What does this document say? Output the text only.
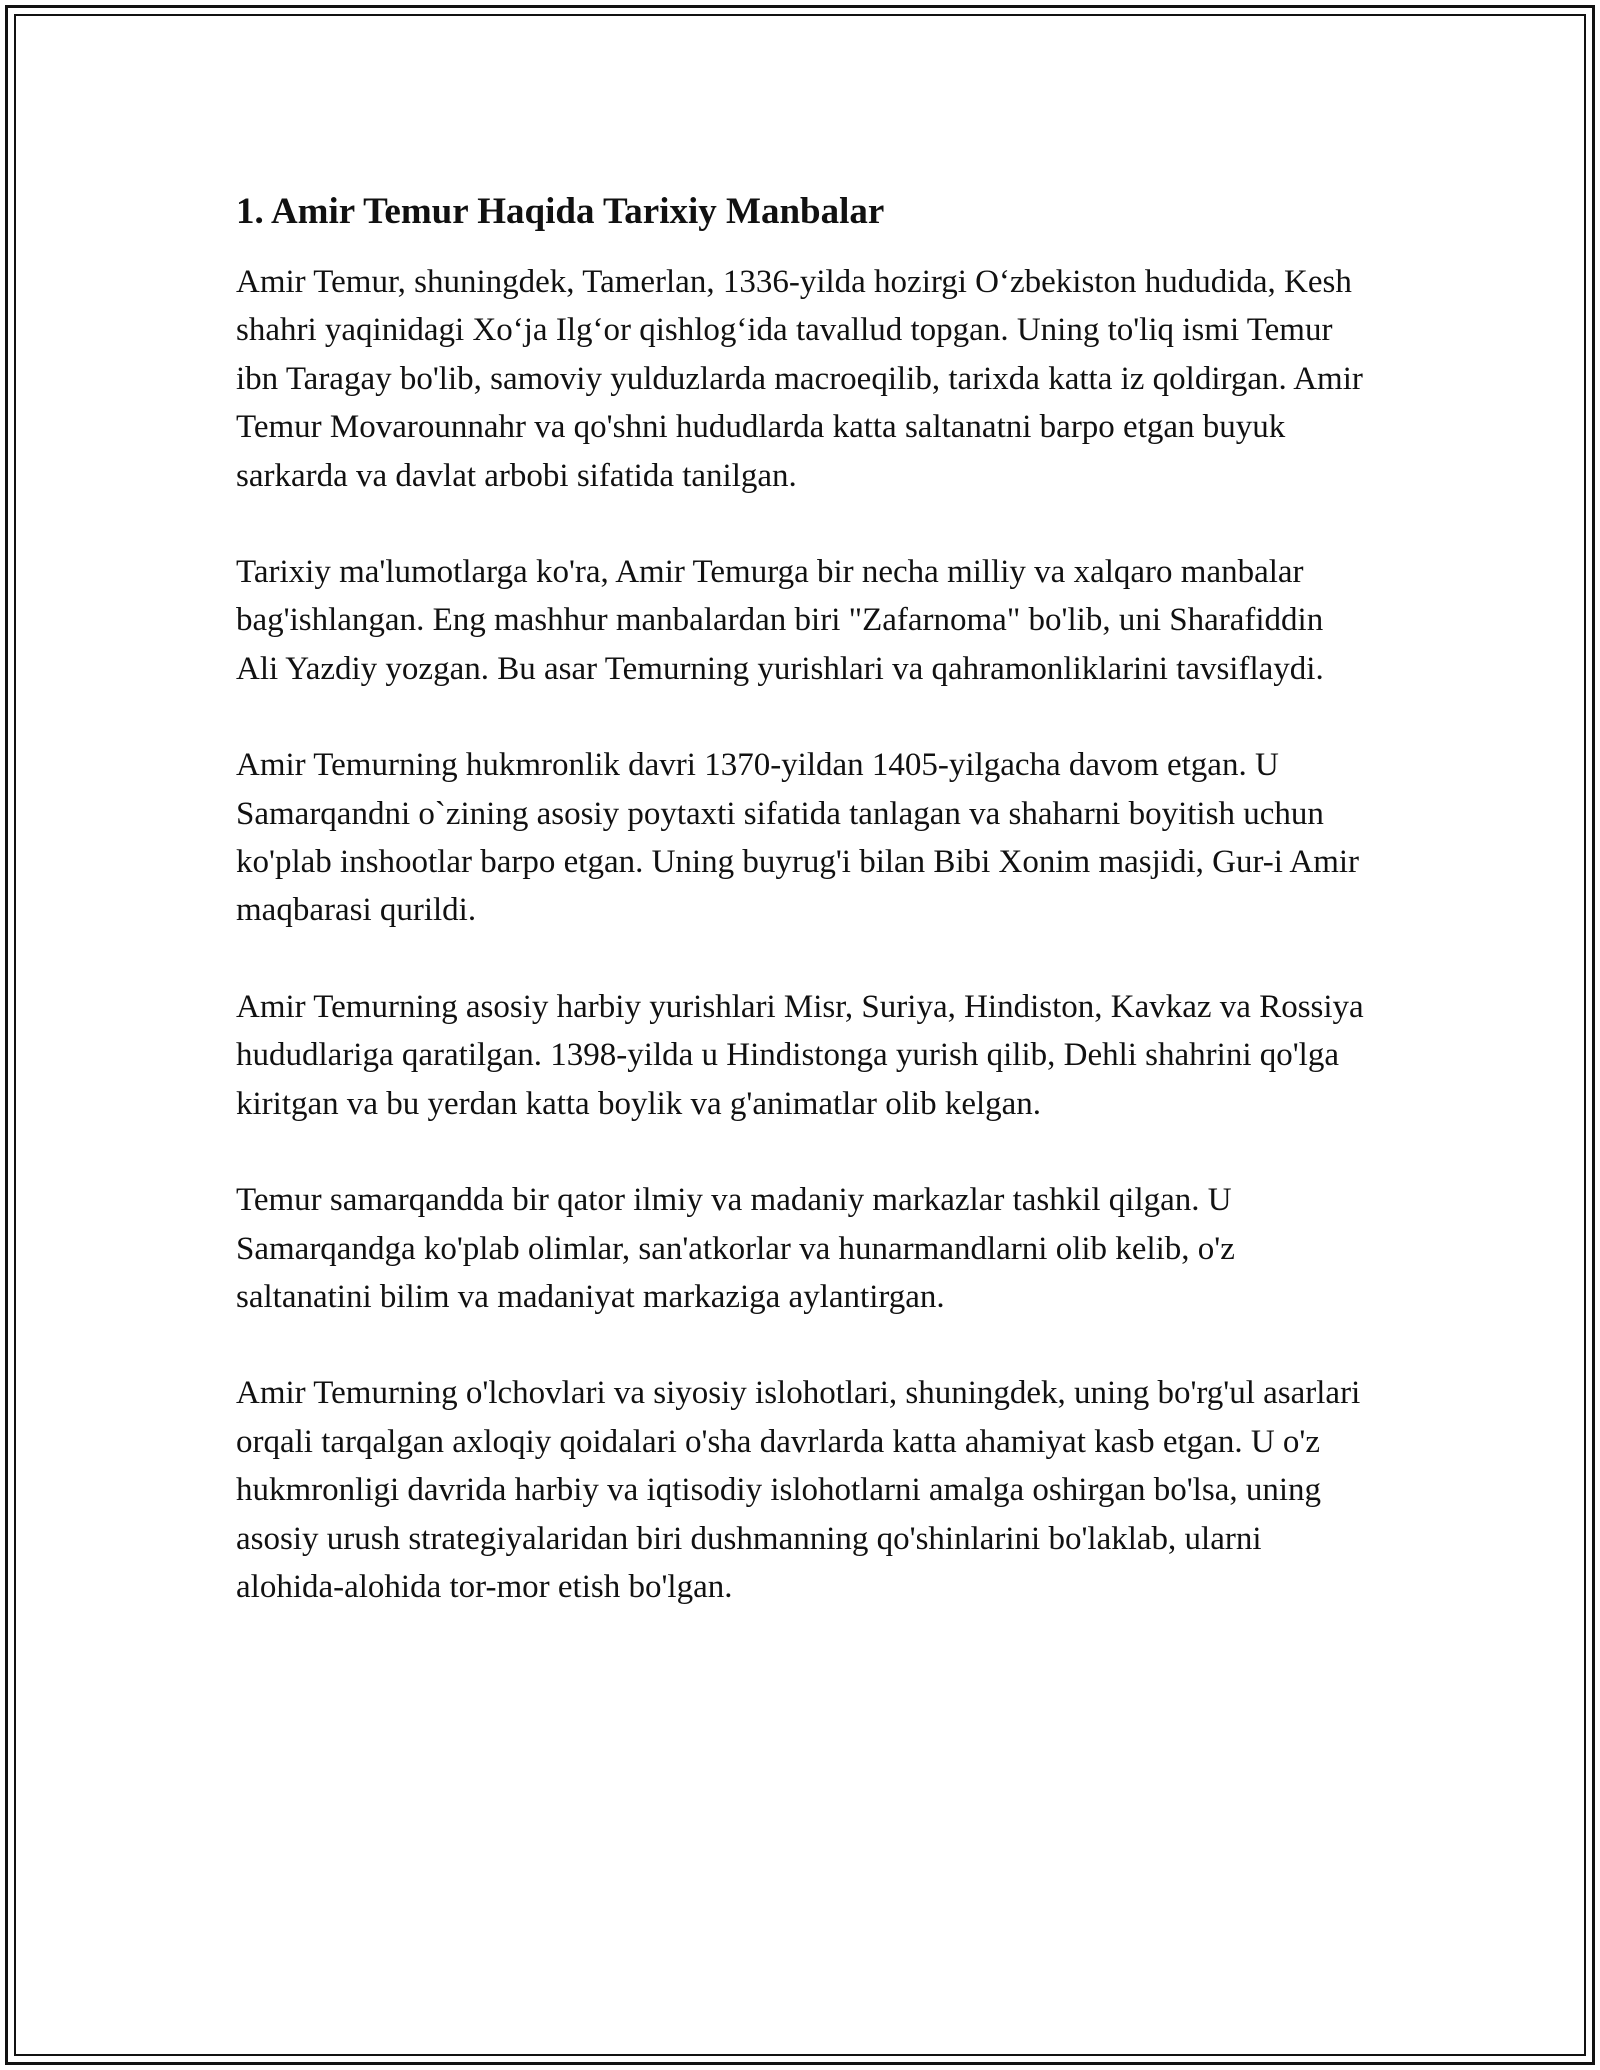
1. Amir Temur Haqida Tarixiy Manbalar

Amir Temur, shuningdek, Tamerlan, 1336-yilda hozirgi O‘zbekiston hududida, Kesh shahri yaqinidagi Xo‘ja Ilg‘or qishlog‘ida tavallud topgan. Uning to'liq ismi Temur ibn Taragay bo'lib, samoviy yulduzlarda macroeqilib, tarixda katta iz qoldirgan. Amir Temur Movarounnahr va qo'shni hududlarda katta saltanatni barpo etgan buyuk sarkarda va davlat arbobi sifatida tanilgan.

Tarixiy ma'lumotlarga ko'ra, Amir Temurga bir necha milliy va xalqaro manbalar bag'ishlangan. Eng mashhur manbalardan biri "Zafarnoma" bo'lib, uni Sharafiddin Ali Yazdiy yozgan. Bu asar Temurning yurishlari va qahramonliklarini tavsiflaydi.

Amir Temurning hukmronlik davri 1370-yildan 1405-yilgacha davom etgan. U Samarqandni o`zining asosiy poytaxti sifatida tanlagan va shaharni boyitish uchun ko'plab inshootlar barpo etgan. Uning buyrug'i bilan Bibi Xonim masjidi, Gur-i Amir maqbarasi qurildi.

Amir Temurning asosiy harbiy yurishlari Misr, Suriya, Hindiston, Kavkaz va Rossiya hududlariga qaratilgan. 1398-yilda u Hindistonga yurish qilib, Dehli shahrini qo'lga kiritgan va bu yerdan katta boylik va g'animatlar olib kelgan.

Temur samarqandda bir qator ilmiy va madaniy markazlar tashkil qilgan. U Samarqandga ko'plab olimlar, san'atkorlar va hunarmandlarni olib kelib, o'z saltanatini bilim va madaniyat markaziga aylantirgan.

Amir Temurning o'lchovlari va siyosiy islohotlari, shuningdek, uning bo'rg'ul asarlari orqali tarqalgan axloqiy qoidalari o'sha davrlarda katta ahamiyat kasb etgan. U o'z hukmronligi davrida harbiy va iqtisodiy islohotlarni amalga oshirgan bo'lsa, uning asosiy urush strategiyalaridan biri dushmanning qo'shinlarini bo'laklab, ularni alohida-alohida tor-mor etish bo'lgan.
